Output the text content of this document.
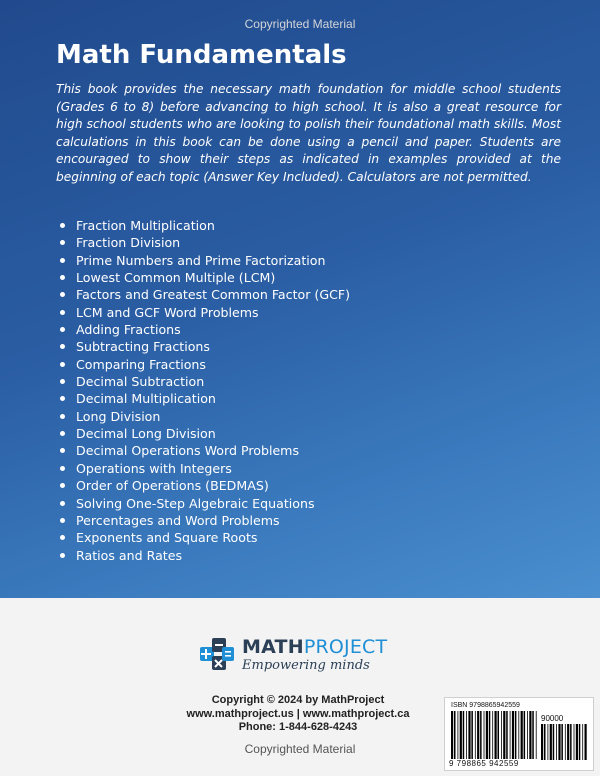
Copyrighted Material
Math Fundamentals

This book provides the necessary math foundation for middle school students (Grades 6 to 8) before advancing to high school. It is also a great resource for high school students who are looking to polish their foundational math skills. Most calculations in this book can be done using a pencil and paper. Students are encouraged to show their steps as indicated in examples provided at the beginning of each topic (Answer Key Included). Calculators are not permitted.

Fraction Multiplication
Fraction Division
Prime Numbers and Prime Factorization
Lowest Common Multiple (LCM)
Factors and Greatest Common Factor (GCF)
LCM and GCF Word Problems
Adding Fractions
Subtracting Fractions
Comparing Fractions
Decimal Subtraction
Decimal Multiplication
Long Division
Decimal Long Division
Decimal Operations Word Problems
Operations with Integers
Order of Operations (BEDMAS)
Solving One-Step Algebraic Equations
Percentages and Word Problems
Exponents and Square Roots
Ratios and Rates
MATHPROJECT
Empowering minds
Copyright © 2024 by MathProject
www.mathproject.us | www.mathproject.ca
Phone: 1-844-628-4243
ISBN 9798865942559
90000
9 798865 942559
Copyrighted Material
